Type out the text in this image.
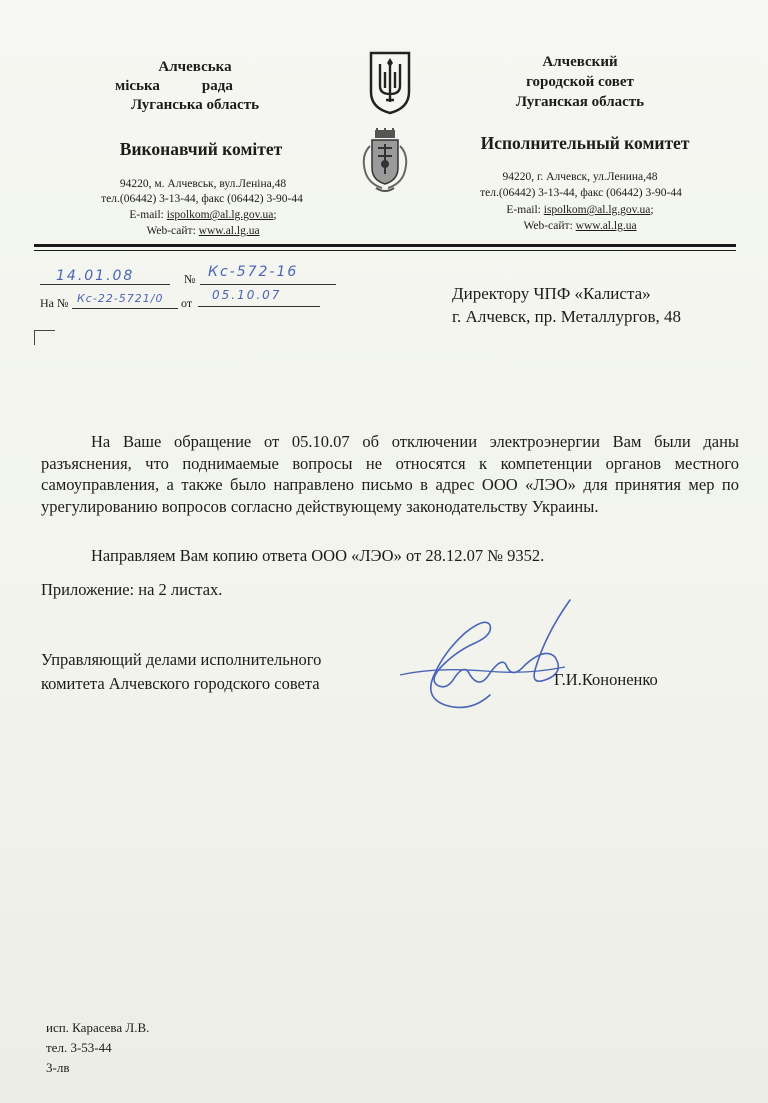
Алчевська
міська	рада
Луганська область
Виконавчий комітет
94220, м. Алчевськ, вул.Леніна,48
тел.(06442) 3-13-44, факс (06442) 3-90-44
E-mail: ispolkom@al.lg.gov.ua;
Web-сайт: www.al.lg.ua
Алчевский
городской совет
Луганская область
Исполнительный комитет
94220, г. Алчевск, ул.Ленина,48
тел.(06442) 3-13-44, факс (06442) 3-90-44
E-mail: ispolkom@al.lg.gov.ua;
Web-сайт: www.al.lg.ua
14.01.08	№ Кс-572-16
На № Кс-22-5721/0 от
05.10.07	Директору ЧПФ «Калиста»
г. Алчевск, пр. Металлургов, 48
На Ваше обращение от 05.10.07 об отключении электроэнергии Вам были даны разъяснения, что поднимаемые вопросы не относятся к компетенции органов местного самоуправления, а также было направлено письмо в адрес ООО «ЛЭО» для принятия мер по урегулированию вопросов согласно действующему законодательству Украины.
Направляем Вам копию ответа ООО «ЛЭО» от 28.12.07 № 9352.
Приложение: на 2 листах.
Управляющий делами исполнительного
комитета Алчевского городского совета	Г.И.Кононенко
исп. Карасева Л.В.
тел. 3-53-44
3-лв
